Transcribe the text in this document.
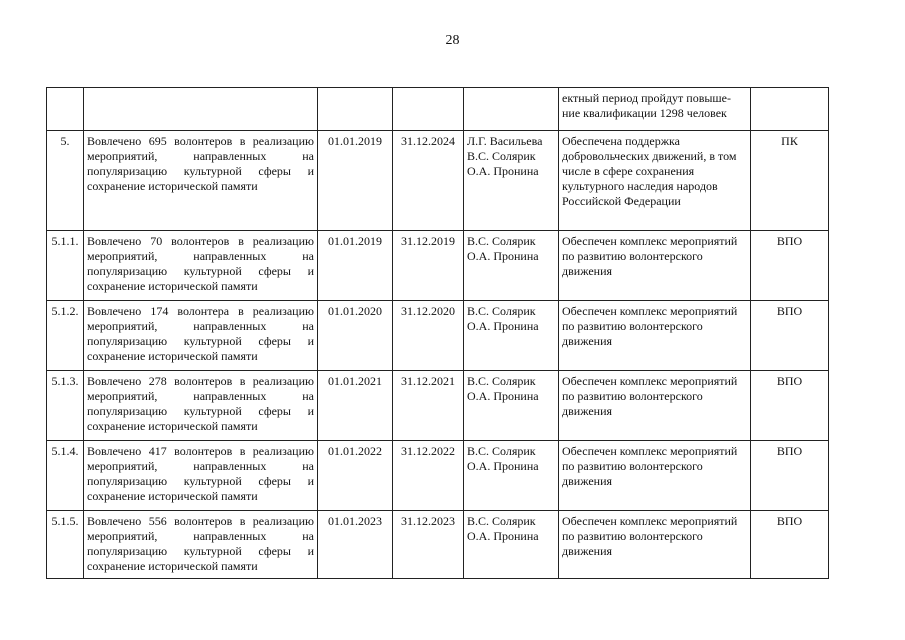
28

					ектный период пройдут повыше-
ние квалификации 1298 человек	

5.	Вовлечено 695 волонтеров в реализацию мероприятий, направленных на популяризацию культурной сферы и сохранение исторической памяти	01.01.2019	31.12.2024	Л.Г. Васильева
В.С. Солярик
О.А. Пронина	Обеспечена поддержка добровольческих движений, в том числе в сфере сохранения культурного наследия народов Российской Федерации	ПК
5.1.1.	Вовлечено 70 волонтеров в реализацию мероприятий, направленных на популяризацию культурной сферы и сохранение исторической памяти	01.01.2019	31.12.2019	В.С. Солярик
О.А. Пронина	Обеспечен комплекс мероприятий по развитию волонтерского движения	ВПО
5.1.2.	Вовлечено 174 волонтера в реализацию мероприятий, направленных на популяризацию культурной сферы и сохранение исторической памяти	01.01.2020	31.12.2020	В.С. Солярик
О.А. Пронина	Обеспечен комплекс мероприятий по развитию волонтерского движения	ВПО
5.1.3.	Вовлечено 278 волонтеров в реализацию мероприятий, направленных на популяризацию культурной сферы и сохранение исторической памяти	01.01.2021	31.12.2021	В.С. Солярик
О.А. Пронина	Обеспечен комплекс мероприятий по развитию волонтерского движения	ВПО
5.1.4.	Вовлечено 417 волонтеров в реализацию мероприятий, направленных на популяризацию культурной сферы и сохранение исторической памяти	01.01.2022	31.12.2022	В.С. Солярик
О.А. Пронина	Обеспечен комплекс мероприятий по развитию волонтерского движения	ВПО
5.1.5.	Вовлечено 556 волонтеров в реализацию мероприятий, направленных на популяризацию культурной сферы и сохранение исторической памяти	01.01.2023	31.12.2023	В.С. Солярик
О.А. Пронина	Обеспечен комплекс мероприятий по развитию волонтерского движения	ВПО
